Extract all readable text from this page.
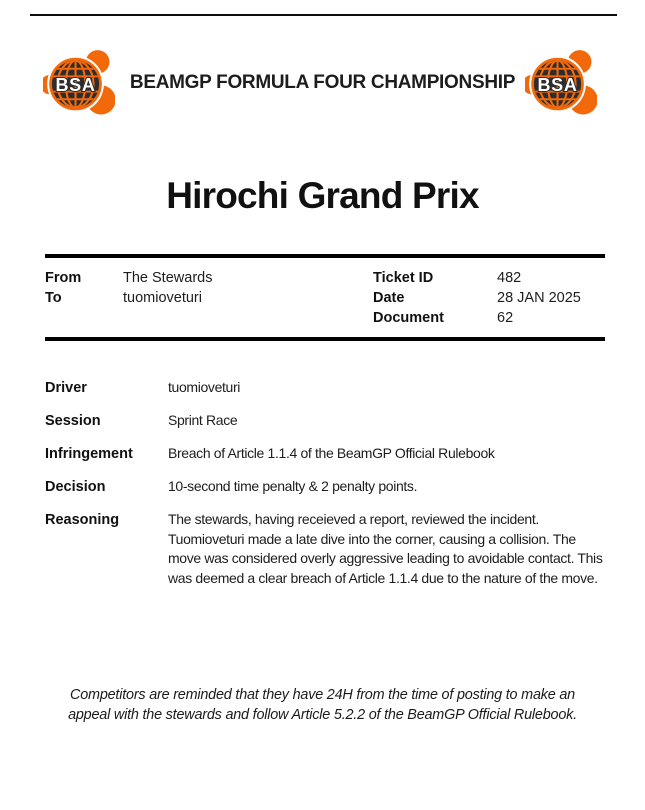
BSA	BEAMGP FORMULA FOUR CHAMPIONSHIP BSA
Hirochi Grand Prix
From	The Stewards
To	tuomioveturi
Ticket ID	482
Date	28 JAN 2025
Document	62
Driver	tuomioveturi
Session	Sprint Race
Infringement	Breach of Article 1.1.4 of the BeamGP Official Rulebook
Decision	10-second time penalty & 2 penalty points.
Reasoning	The stewards, having receieved a report, reviewed the incident. Tuomioveturi made a late dive into the corner, causing a collision. The move was considered overly aggressive leading to avoidable contact. This was deemed a clear breach of Article 1.1.4 due to the nature of the move.
Competitors are reminded that they have 24H from the time of posting to make an appeal with the stewards and follow Article 5.2.2 of the BeamGP Official Rulebook.
